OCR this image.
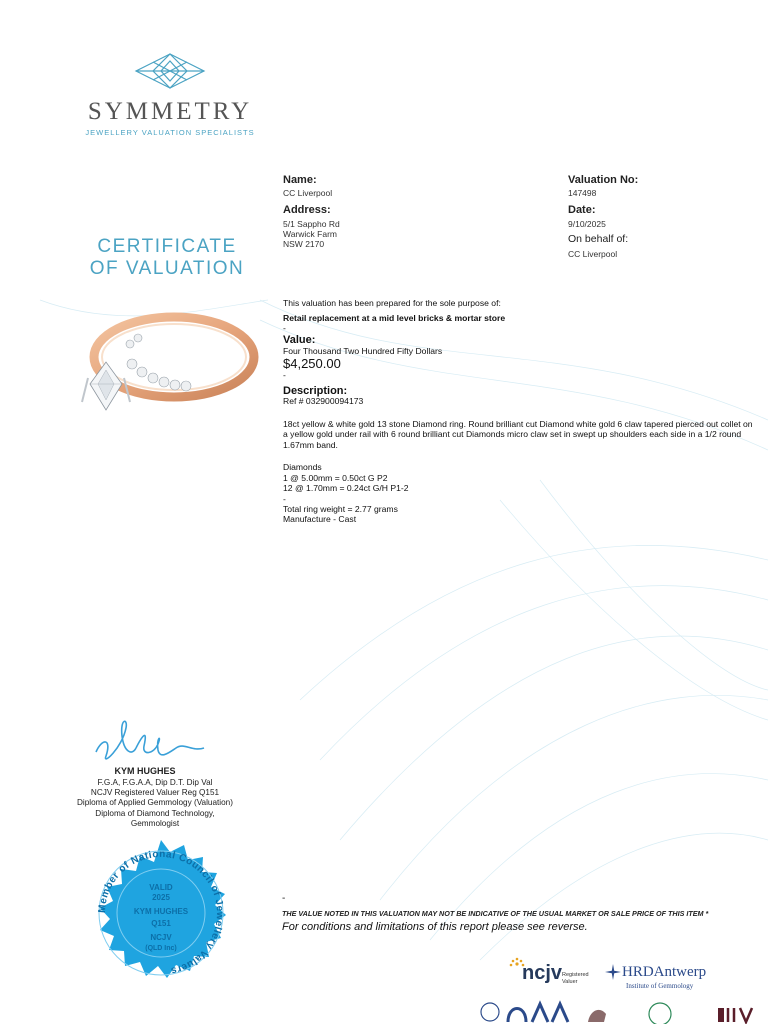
SYMMETRY
JEWELLERY VALUATION SPECIALISTS
CERTIFICATE
OF VALUATION
Name:
CC Liverpool
Address:
5/1 Sappho Rd
Warwick Farm
NSW 2170
Valuation No:
147498
Date:
9/10/2025
On behalf of:
CC Liverpool
This valuation has been prepared for the sole purpose of:
Retail replacement at a mid level bricks & mortar store
-
Value:
Four Thousand Two Hundred Fifty Dollars
$4,250.00
-
Description:
Ref # 032900094173
18ct yellow & white gold 13 stone Diamond ring. Round brilliant cut Diamond white gold 6 claw tapered pierced out collet on a yellow gold under rail with 6 round brilliant cut Diamonds micro claw set in swept up shoulders each side in a 1/2 round 1.67mm band.
Diamonds
1 @ 5.00mm = 0.50ct G P2
12 @ 1.70mm = 0.24ct G/H P1-2
-
Total ring weight = 2.77 grams
Manufacture - Cast
KYM HUGHES
F.G.A, F.G.A.A, Dip D.T. Dip Val
NCJV Registered Valuer Reg Q151
Diploma of Applied Gemmology (Valuation)
Diploma of Diamond Technology,
Gemmologist
Member of National Council of Jewellery Valuers
VALID
2025
KYM HUGHES
Q151
NCJV
(QLD Inc)
-
THE VALUE NOTED IN THIS VALUATION MAY NOT BE INDICATIVE OF THE USUAL MARKET OR SALE PRICE OF THIS ITEM *
For conditions and limitations of this report please see reverse.
ncjv Registered
Valuer
HRDAntwerp
Institute of Gemmology
